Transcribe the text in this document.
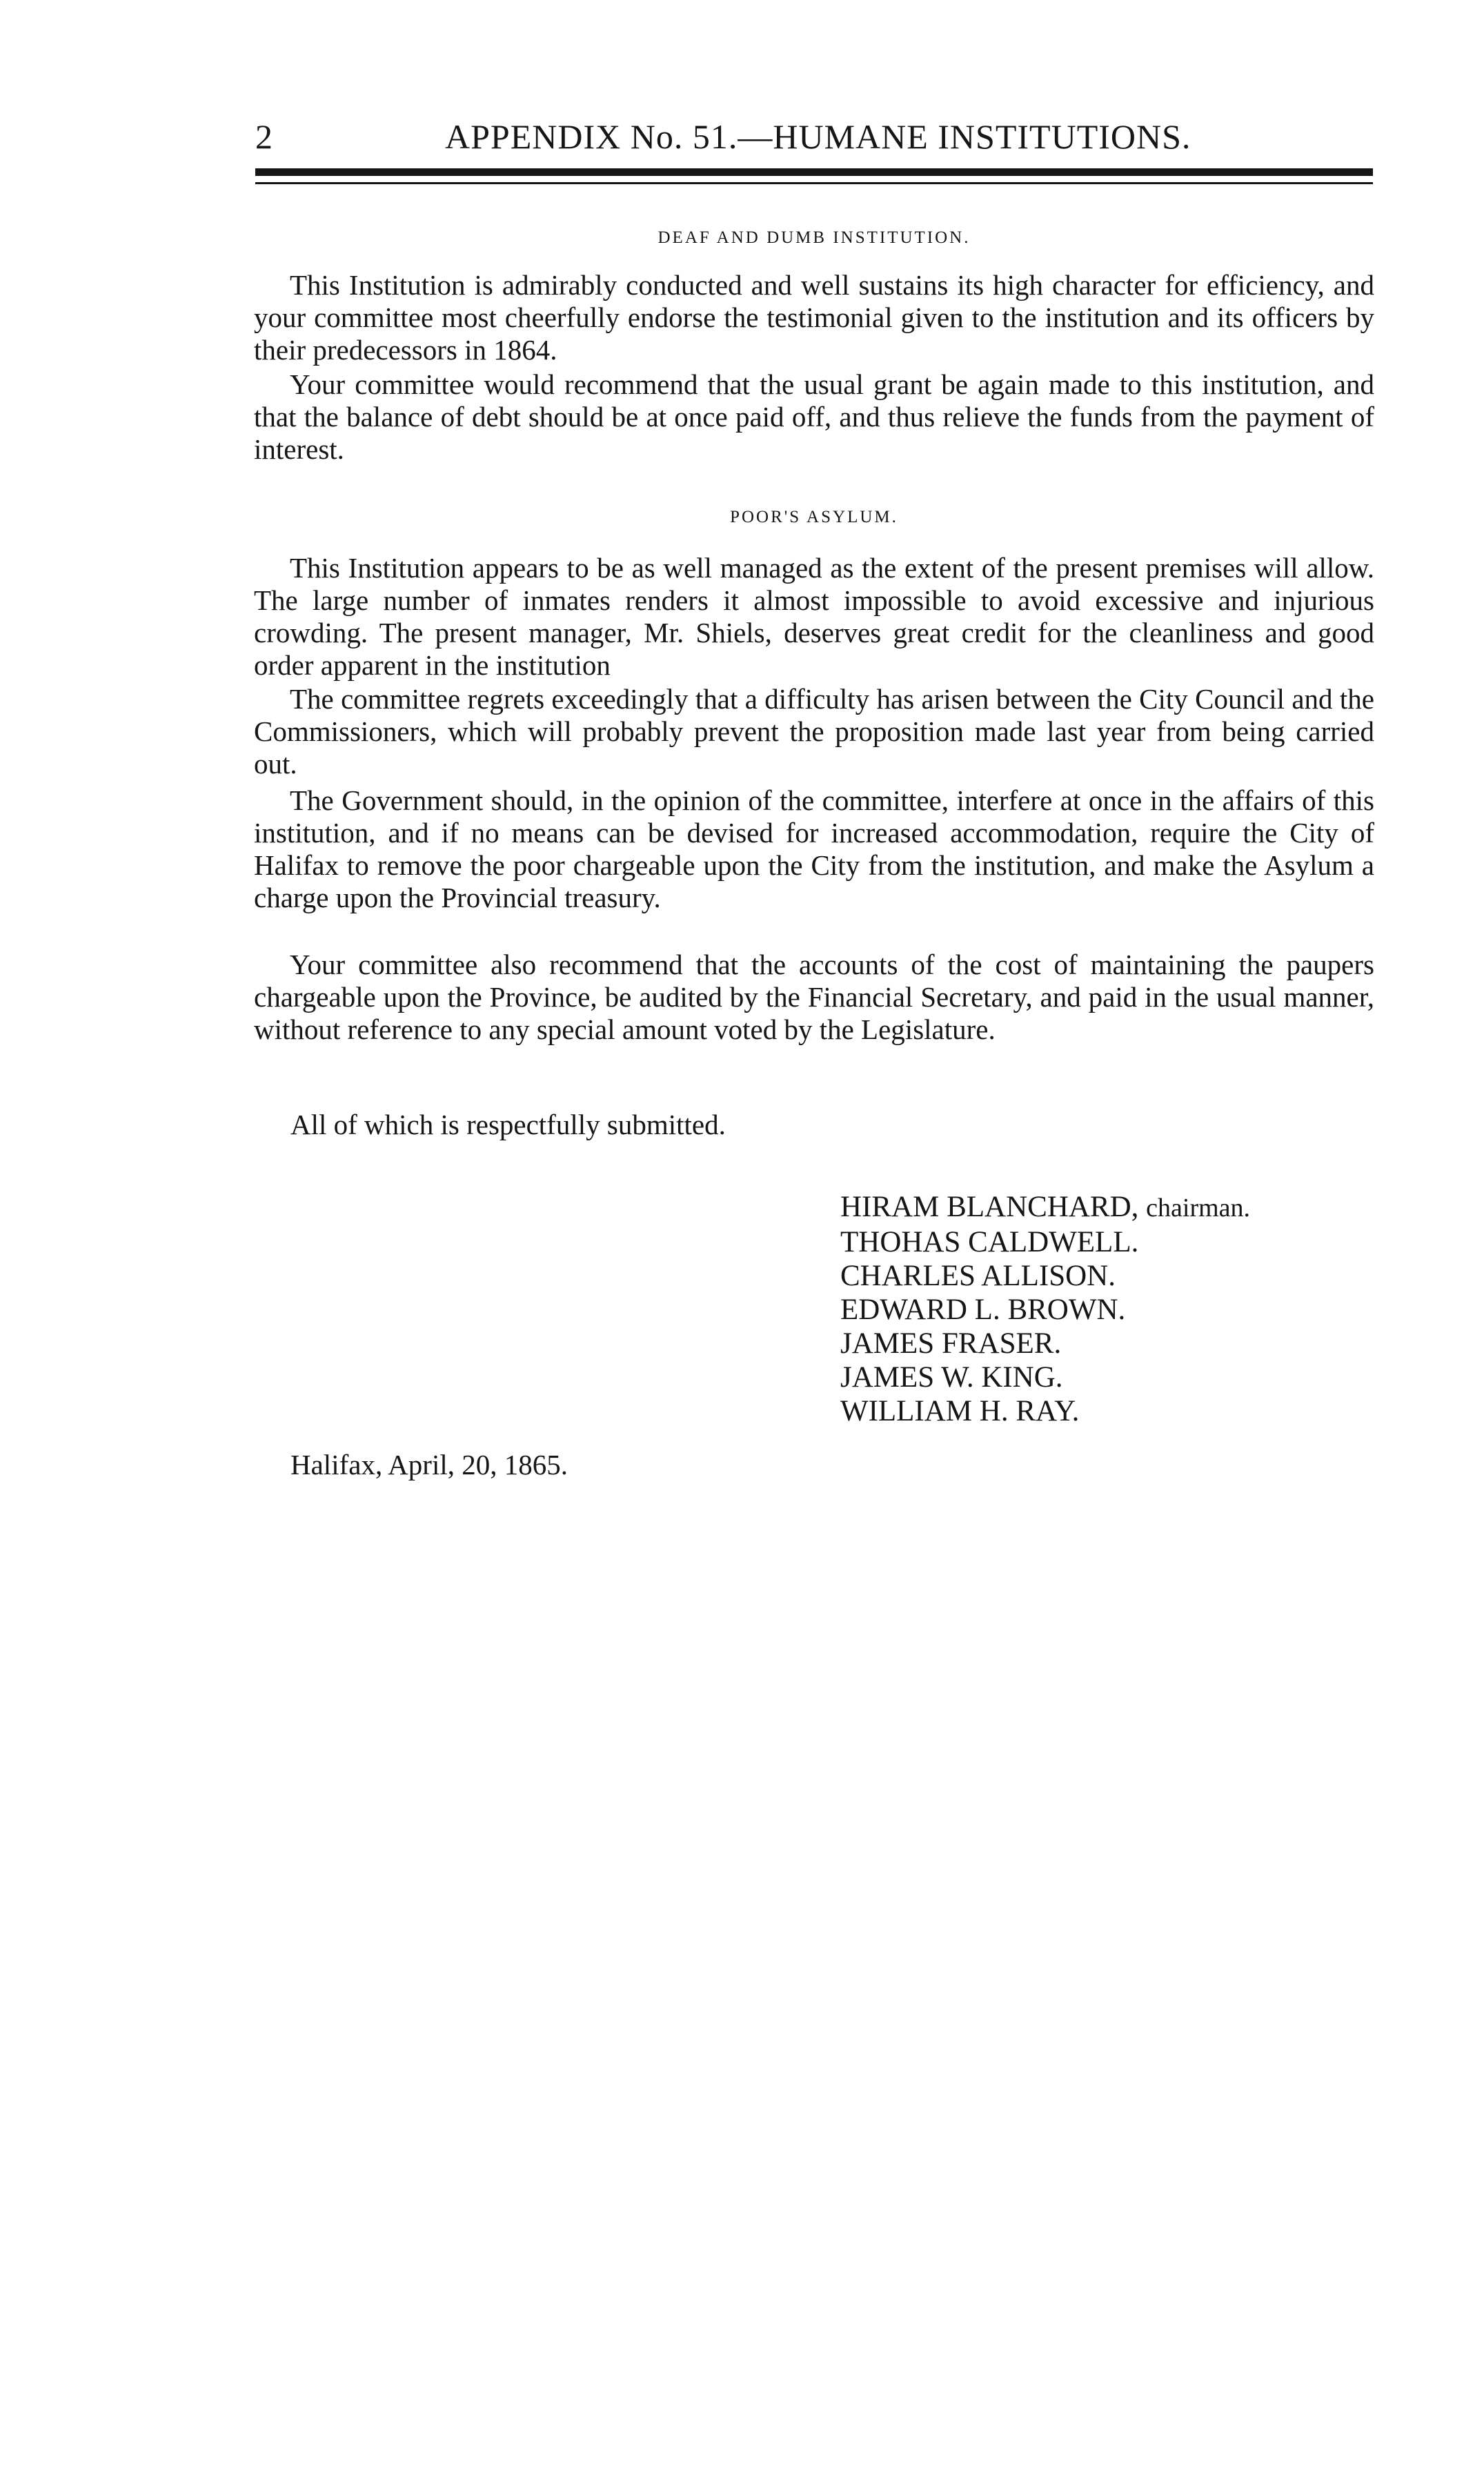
2	APPENDIX No. 51.—HUMANE INSTITUTIONS.

DEAF AND DUMB INSTITUTION.

This Institution is admirably conducted and well sustains its high character for efficiency, and your committee most cheerfully endorse the testimonial given to the institution and its officers by their predecessors in 1864.

Your committee would recommend that the usual grant be again made to this institution, and that the balance of debt should be at once paid off, and thus relieve the funds from the payment of interest.

POOR'S ASYLUM.

This Institution appears to be as well managed as the extent of the present premises will allow. The large number of inmates renders it almost impossible to avoid excessive and injurious crowding. The present manager, Mr. Shiels, deserves great credit for the cleanliness and good order apparent in the institution

The committee regrets exceedingly that a difficulty has arisen between the City Council and the Commissioners, which will probably prevent the proposition made last year from being carried out.

The Government should, in the opinion of the committee, interfere at once in the affairs of this institution, and if no means can be devised for increased accommodation, require the City of Halifax to remove the poor chargeable upon the City from the institution, and make the Asylum a charge upon the Provincial treasury.

Your committee also recommend that the accounts of the cost of maintaining the paupers chargeable upon the Province, be audited by the Financial Secretary, and paid in the usual manner, without reference to any special amount voted by the Legislature.

All of which is respectfully submitted.
HIRAM BLANCHARD, chairman.
THOHAS CALDWELL.
CHARLES ALLISON.
EDWARD L. BROWN.
JAMES FRASER.
JAMES W. KING.
WILLIAM H. RAY.
Halifax, April, 20, 1865.
